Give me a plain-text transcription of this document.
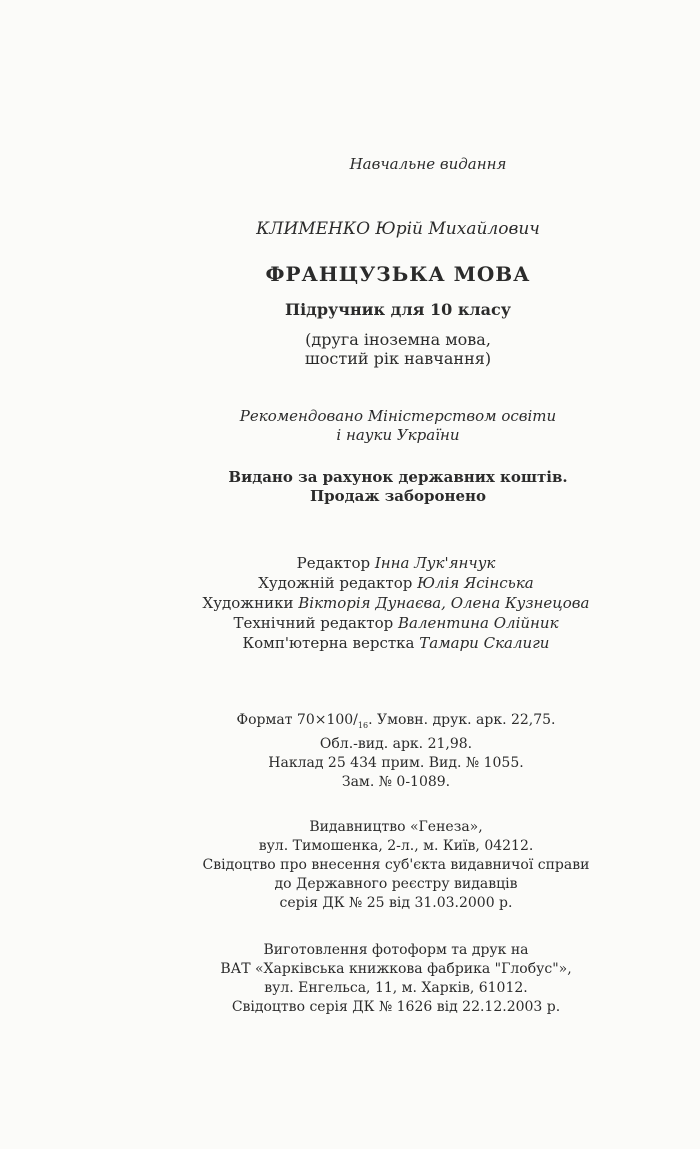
Навчальне видання
КЛИМЕНКО Юрій Михайлович
ФРАНЦУЗЬКА МОВА
Підручник для 10 класу
(друга іноземна мова,
шостий рік навчання)
Рекомендовано Міністерством освіти
і науки України
Видано за рахунок державних коштів.
Продаж заборонено
Редактор Інна Лук'янчук
Художній редактор Юлія Ясінська
Художники Вікторія Дунаєва, Олена Кузнецова
Технічний редактор Валентина Олійник
Комп'ютерна верстка Тамари Скалиги
Формат $70\times 100/_{16}$. Умовн. друк. арк. 22,75.
Обл.-вид. арк. 21,98.
Наклад 25 434 прим. Вид. № 1055.
Зам. № 0-1089.
Видавництво «Генеза»,
вул. Тимошенка, 2-л., м. Київ, 04212.
Свідоцтво про внесення суб'єкта видавничої справи
до Державного реєстру видавців
серія ДК № 25 від 31.03.2000 р.
Виготовлення фотоформ та друк на
ВАТ «Харківська книжкова фабрика "Глобус"»,
вул. Енгельса, 11, м. Харків, 61012.
Свідоцтво серія ДК № 1626 від 22.12.2003 р.
